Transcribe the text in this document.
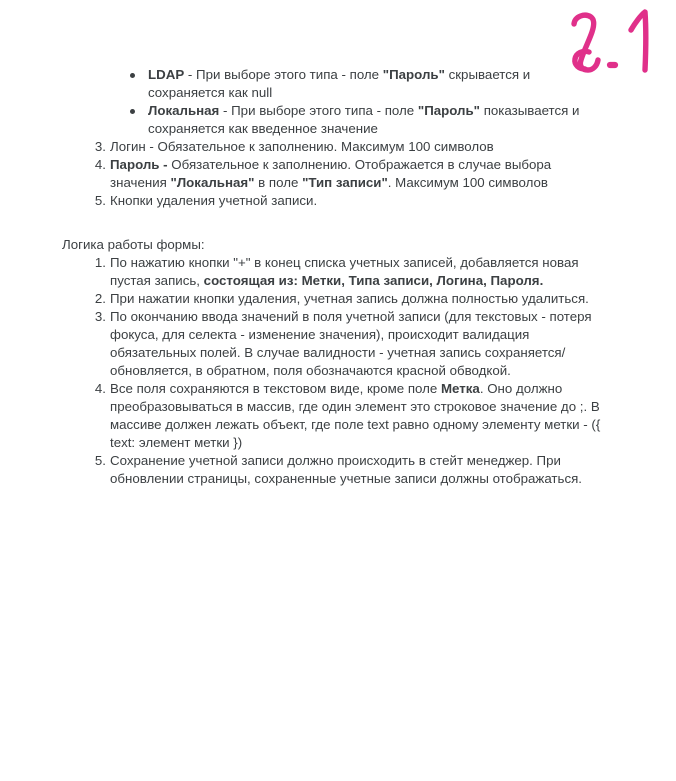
LDAP - При выборе этого типа - поле "Пароль" скрывается и сохраняется как null
Локальная - При выборе этого типа - поле "Пароль" показывается и сохраняется как введенное значение
3. Логин - Обязательное к заполнению. Максимум 100 символов
4. Пароль - Обязательное к заполнению. Отображается в случае выбора значения "Локальная" в поле "Тип записи". Максимум 100 символов
5. Кнопки удаления учетной записи.

Логика работы формы:

1. По нажатию кнопки "+" в конец списка учетных записей, добавляется новая пустая запись, состоящая из: Метки, Типа записи, Логина, Пароля.
2. При нажатии кнопки удаления, учетная запись должна полностью удалиться.
3. По окончанию ввода значений в поля учетной записи (для текстовых - потеря фокуса, для селекта - изменение значения), происходит валидация обязательных полей. В случае валидности - учетная запись сохраняется/обновляется, в обратном, поля обозначаются красной обводкой.
4. Все поля сохраняются в текстовом виде, кроме поле Метка. Оно должно преобразовываться в массив, где один элемент это строковое значение до ;. В массиве должен лежать объект, где поле text равно одному элементу метки - ({ text: элемент метки })
5. Сохранение учетной записи должно происходить в стейт менеджер. При обновлении страницы, сохраненные учетные записи должны отображаться.
